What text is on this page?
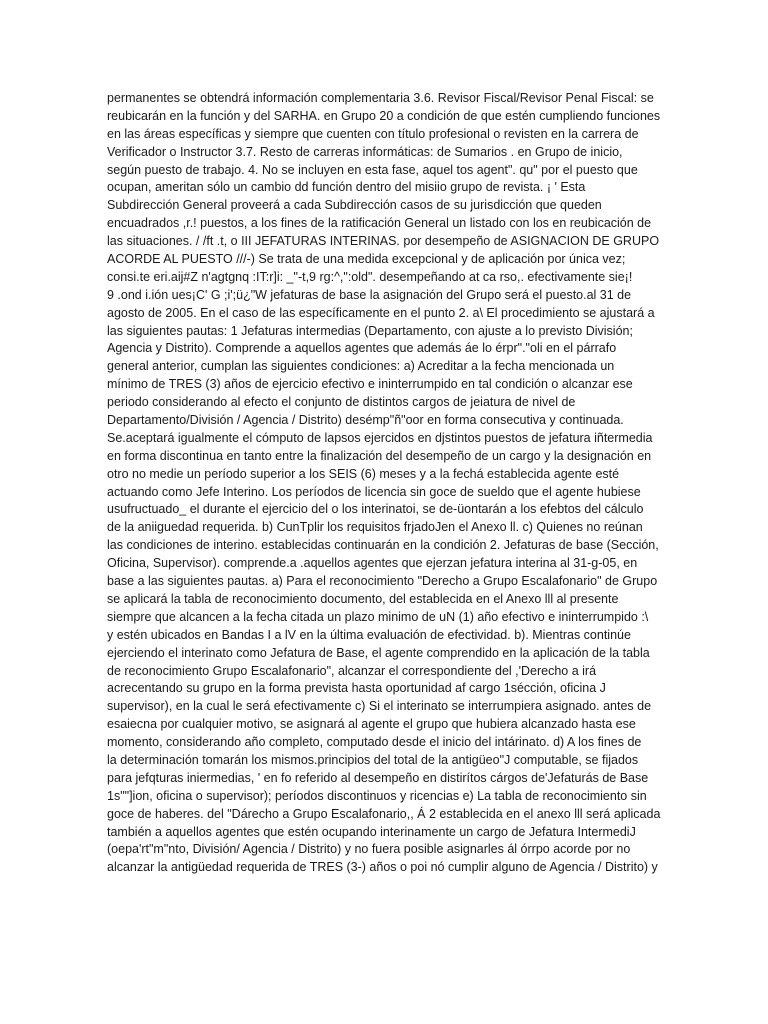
permanentes se obtendrá información complementaria 3.6. Revisor Fiscal/Revisor Penal Fiscal: se
reubicarán en la función y del SARHA. en Grupo 20 a condición de que estén cumpliendo funciones
en las áreas específicas y siempre que cuenten con título profesional o revisten en la carrera de
Verificador o Instructor 3.7. Resto de carreras informáticas: de Sumarios . en Grupo de inicio,
según puesto de trabajo. 4. No se incluyen en esta fase, aquel tos agent". qu" por el puesto que
ocupan, ameritan sólo un cambio dd función dentro del misiio grupo de revista. ¡ ' Esta
Subdirección General proveerá a cada Subdirección casos de su jurisdicción que queden
encuadrados ,r.! puestos, a los fines de la ratificación General un listado con los en reubicación de
las situaciones. / /ft .t, o III JEFATURAS INTERINAS. por desempeño de ASIGNACION DE GRUPO
ACORDE AL PUESTO ///-) Se trata de una medida excepcional y de aplicación por única vez;
consi.te eri.aij#Z n'agtgnq :IT:r]i: _"-t,9 rg:^,":old". desempeñando at ca rso,. efectivamente sie¡!
9 .ond i.ión ues¡C' G ;i';ü¿"W jefaturas de base la asignación del Grupo será el puesto.al 31 de
agosto de 2005. En el caso de las específicamente en el punto 2. a\ El procedimiento se ajustará a
las siguientes pautas: 1 Jefaturas intermedias (Departamento, con ajuste a lo previsto División;
Agencia y Distrito). Comprende a aquellos agentes que además áe lo érpr"."oli en el párrafo
general anterior, cumplan las siguientes condiciones: a) Acreditar a la fecha mencionada un
mínimo de TRES (3) años de ejercicio efectivo e ininterrumpido en tal condición o alcanzar ese
periodo considerando al efecto el conjunto de distintos cargos de jeiatura de nivel de
Departamento/División / Agencia / Distrito) desémp"ñ"oor en forma consecutiva y continuada.
Se.aceptará igualmente el cómputo de lapsos ejercidos en djstintos puestos de jefatura iñtermedia
en forma discontinua en tanto entre la finalización del desempeño de un cargo y la designación en
otro no medie un período superior a los SEIS (6) meses y a la fechá establecida agente esté
actuando como Jefe Interino. Los períodos de licencia sin goce de sueldo que el agente hubiese
usufructuado_ el durante el ejercicio del o los interinatoi, se de-üontarán a los efebtos del cálculo
de la aniiguedad requerida. b) CunTplir los requisitos frjadoJen el Anexo ll. c) Quienes no reúnan
las condiciones de interino. establecidas continuarán en la condición 2. Jefaturas de base (Sección,
Oficina, Supervisor). comprende.a .aquellos agentes que ejerzan jefatura interina al 31-g-05, en
base a las siguientes pautas. a) Para el reconocimiento "Derecho a Grupo Escalafonario" de Grupo
se aplicará la tabla de reconocimiento documento, del establecida en el Anexo lll al presente
siempre que alcancen a la fecha citada un plazo minimo de uN (1) año efectivo e ininterrumpido :\
y estén ubicados en Bandas I a lV en la última evaluación de efectividad. b). Mientras continúe
ejerciendo el interinato como Jefatura de Base, el agente comprendido en la aplicación de la tabla
de reconocimiento Grupo Escalafonario", alcanzar el correspondiente del ,'Derecho a irá
acrecentando su grupo en la forma prevista hasta oportunidad af cargo 1sécción, oficina J
supervisor), en la cual le será efectivamente c) Si el interinato se interrumpiera asignado. antes de
esaiecna por cualquier motivo, se asignará al agente el grupo que hubiera alcanzado hasta ese
momento, considerando año completo, computado desde el inicio del intárinato. d) A los fines de
la determinación tomarán los mismos.principios del total de la antigüeo"J computable, se fijados
para jefqturas iniermedias, ' en fo referido al desempeño en distirítos cárgos de'Jefaturás de Base
1s""]ion, oficina o supervisor); períodos discontinuos y ricencias e) La tabla de reconocimiento sin
goce de haberes. del "Dárecho a Grupo Escalafonario,, Á 2 establecida en el anexo lll será aplicada
también a aquellos agentes que estén ocupando interinamente un cargo de Jefatura IntermediJ
(oepa'rt"m"nto, División/ Agencia / Distrito) y no fuera posible asignarles ál órrpo acorde por no
alcanzar la antigüedad requerida de TRES (3-) años o poi nó cumplir alguno de Agencia / Distrito) y
